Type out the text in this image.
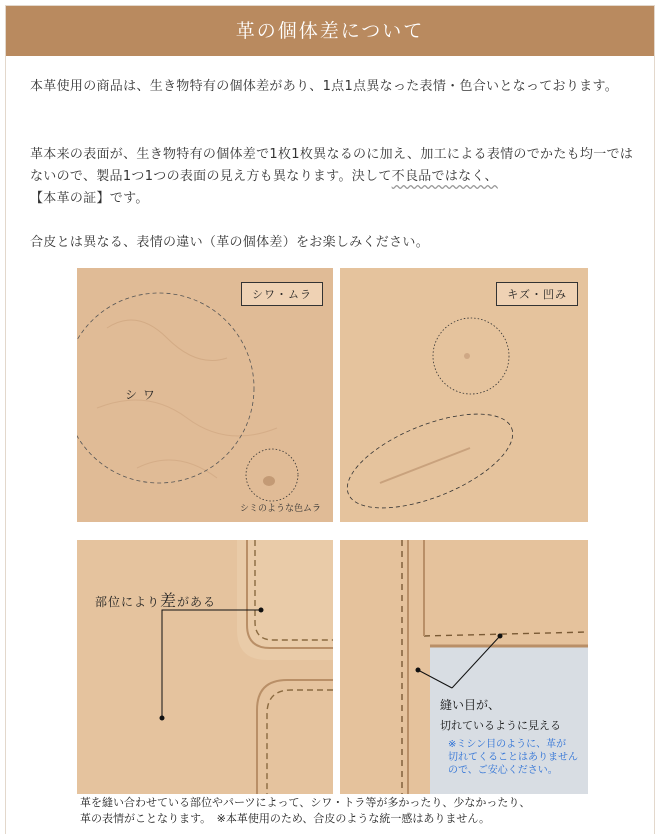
革の個体差について

本革使用の商品は、生き物特有の個体差があり、1点1点異なった表情・色合いとなっております。

革本来の表面が、生き物特有の個体差で1枚1枚異なるのに加え、加工による表情のでかたも均一ではないので、製品1つ1つの表面の見え方も異なります。決して不良品ではなく、
【本革の証】です。

合皮とは異なる、表情の違い（革の個体差）をお楽しみください。

シワ・ムラ
シ ワ
シミのような色ムラ
キズ・凹み
部位により差がある
縫い目が、
切れているように見える
※ミシン目のように、革が
切れてくることはありません
ので、ご安心ください。
革を縫い合わせている部位やパーツによって、シワ・トラ等が多かったり、少なかったり、
革の表情がことなります。　※本革使用のため、合皮のような統一感はありません。
